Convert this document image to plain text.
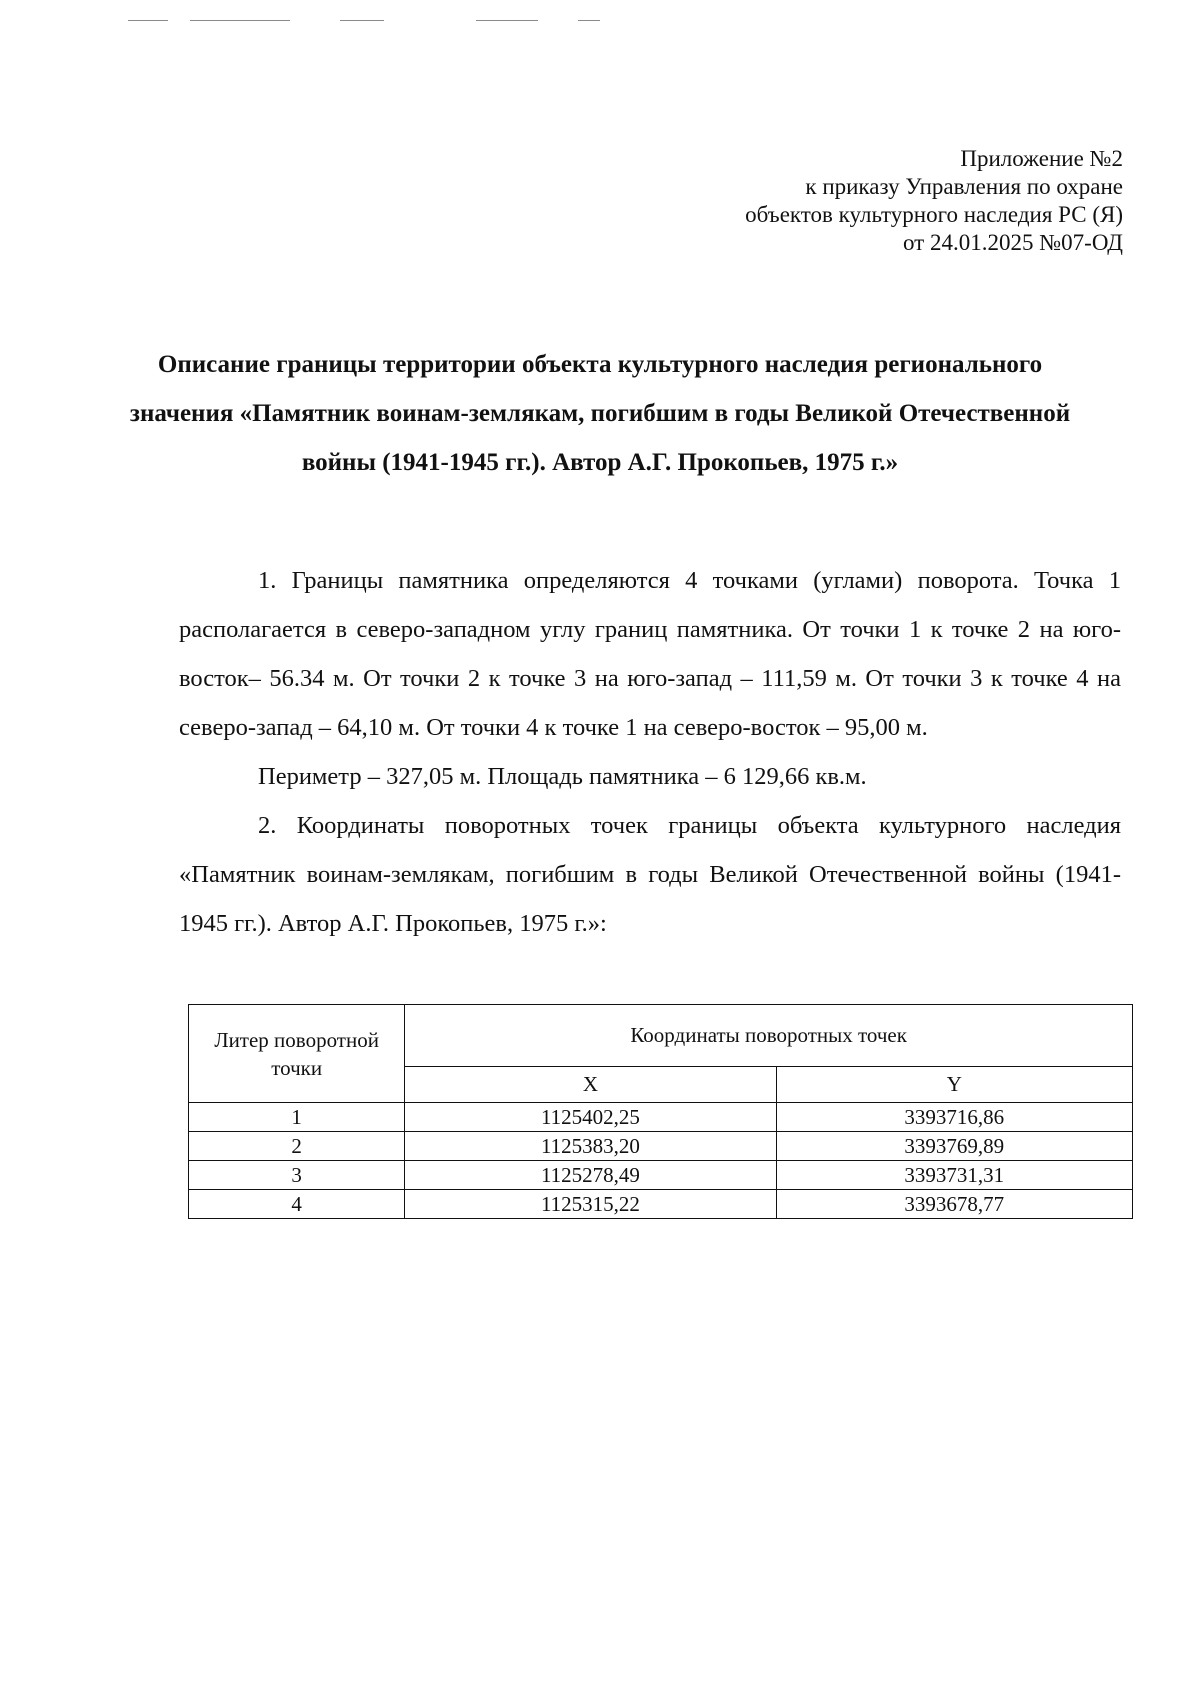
Приложение №2
к приказу Управления по охране
объектов культурного наследия РС (Я)
от 24.01.2025 №07-ОД
Описание границы территории объекта культурного наследия регионального значения «Памятник воинам-землякам, погибшим в годы Великой Отечественной войны (1941-1945 гг.). Автор А.Г. Прокопьев, 1975 г.»

1. Границы памятника определяются 4 точками (углами) поворота. Точка 1 располагается в северо-западном углу границ памятника. От точки 1 к точке 2 на юго-восток– 56.34 м. От точки 2 к точке 3 на юго-запад – 111,59 м. От точки 3 к точке 4 на северо-запад – 64,10 м. От точки 4 к точке 1 на северо-восток – 95,00 м.

Периметр – 327,05 м. Площадь памятника – 6 129,66 кв.м.

2. Координаты поворотных точек границы объекта культурного наследия «Памятник воинам-землякам, погибшим в годы Великой Отечественной войны (1941-1945 гг.). Автор А.Г. Прокопьев, 1975 г.»:

Литер поворотной точки	Координаты поворотных точек	
	X	Y
1	1125402,25	3393716,86
2	1125383,20	3393769,89
3	1125278,49	3393731,31
4	1125315,22	3393678,77
